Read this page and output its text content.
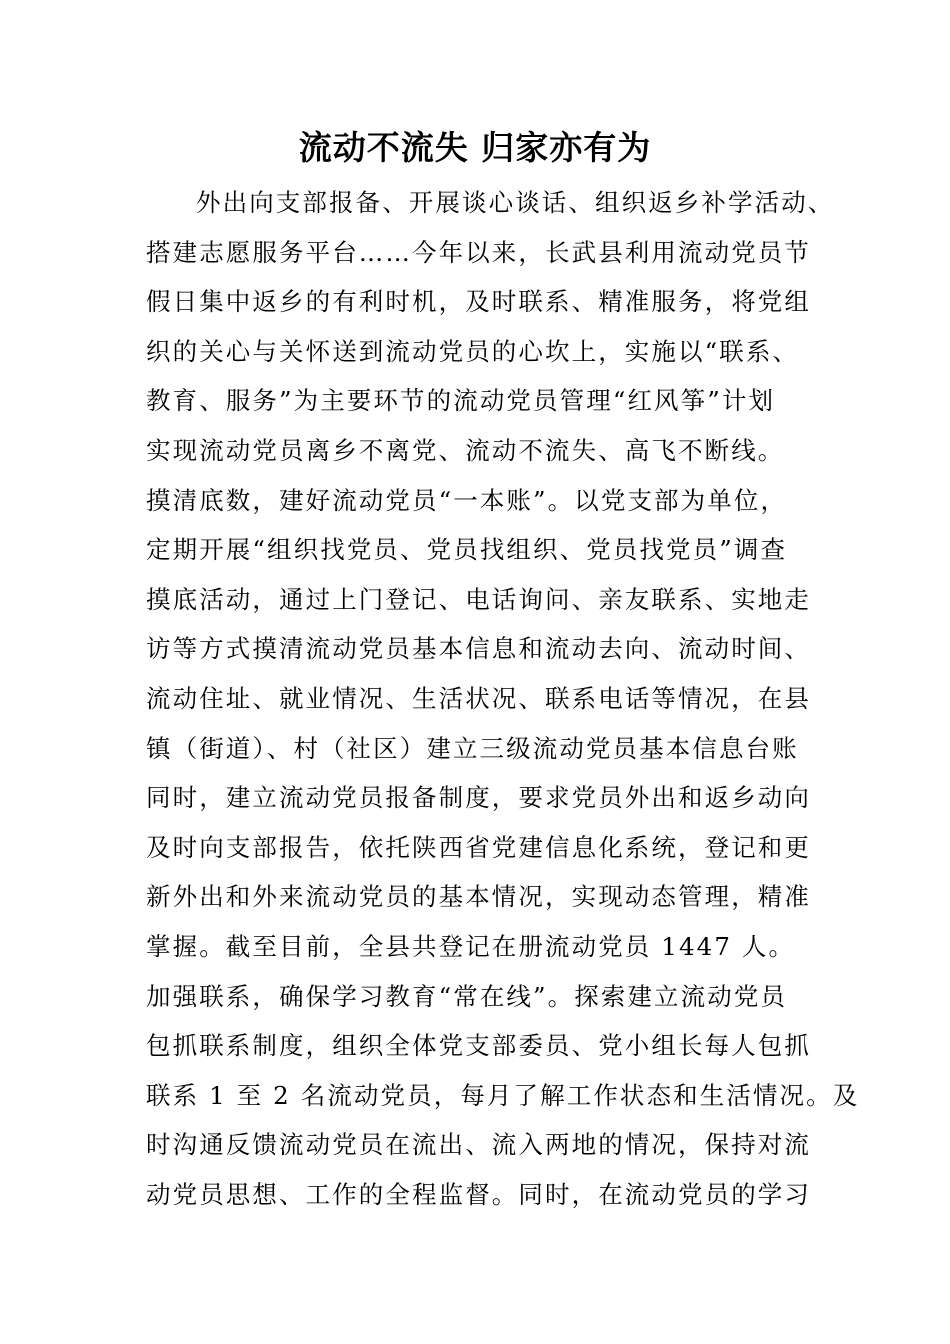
流动不流失 归家亦有为
外出向支部报备、开展谈心谈话、组织返乡补学活动、
搭建志愿服务平台……今年以来，长武县利用流动党员节
假日集中返乡的有利时机，及时联系、精准服务，将党组
织的关心与关怀送到流动党员的心坎上，实施以“联系、
教育、服务”为主要环节的流动党员管理“红风筝”计划
实现流动党员离乡不离党、流动不流失、高飞不断线。
摸清底数，建好流动党员“一本账”。以党支部为单位，
定期开展“组织找党员、党员找组织、党员找党员”调查
摸底活动，通过上门登记、电话询问、亲友联系、实地走
访等方式摸清流动党员基本信息和流动去向、流动时间、
流动住址、就业情况、生活状况、联系电话等情况，在县
镇（街道）、村（社区）建立三级流动党员基本信息台账
同时，建立流动党员报备制度，要求党员外出和返乡动向
及时向支部报告，依托陕西省党建信息化系统，登记和更
新外出和外来流动党员的基本情况，实现动态管理，精准
掌握。截至目前，全县共登记在册流动党员 1447 人。
加强联系，确保学习教育“常在线”。探索建立流动党员
包抓联系制度，组织全体党支部委员、党小组长每人包抓
联系 1 至 2 名流动党员，每月了解工作状态和生活情况。及
时沟通反馈流动党员在流出、流入两地的情况，保持对流
动党员思想、工作的全程监督。同时，在流动党员的学习
